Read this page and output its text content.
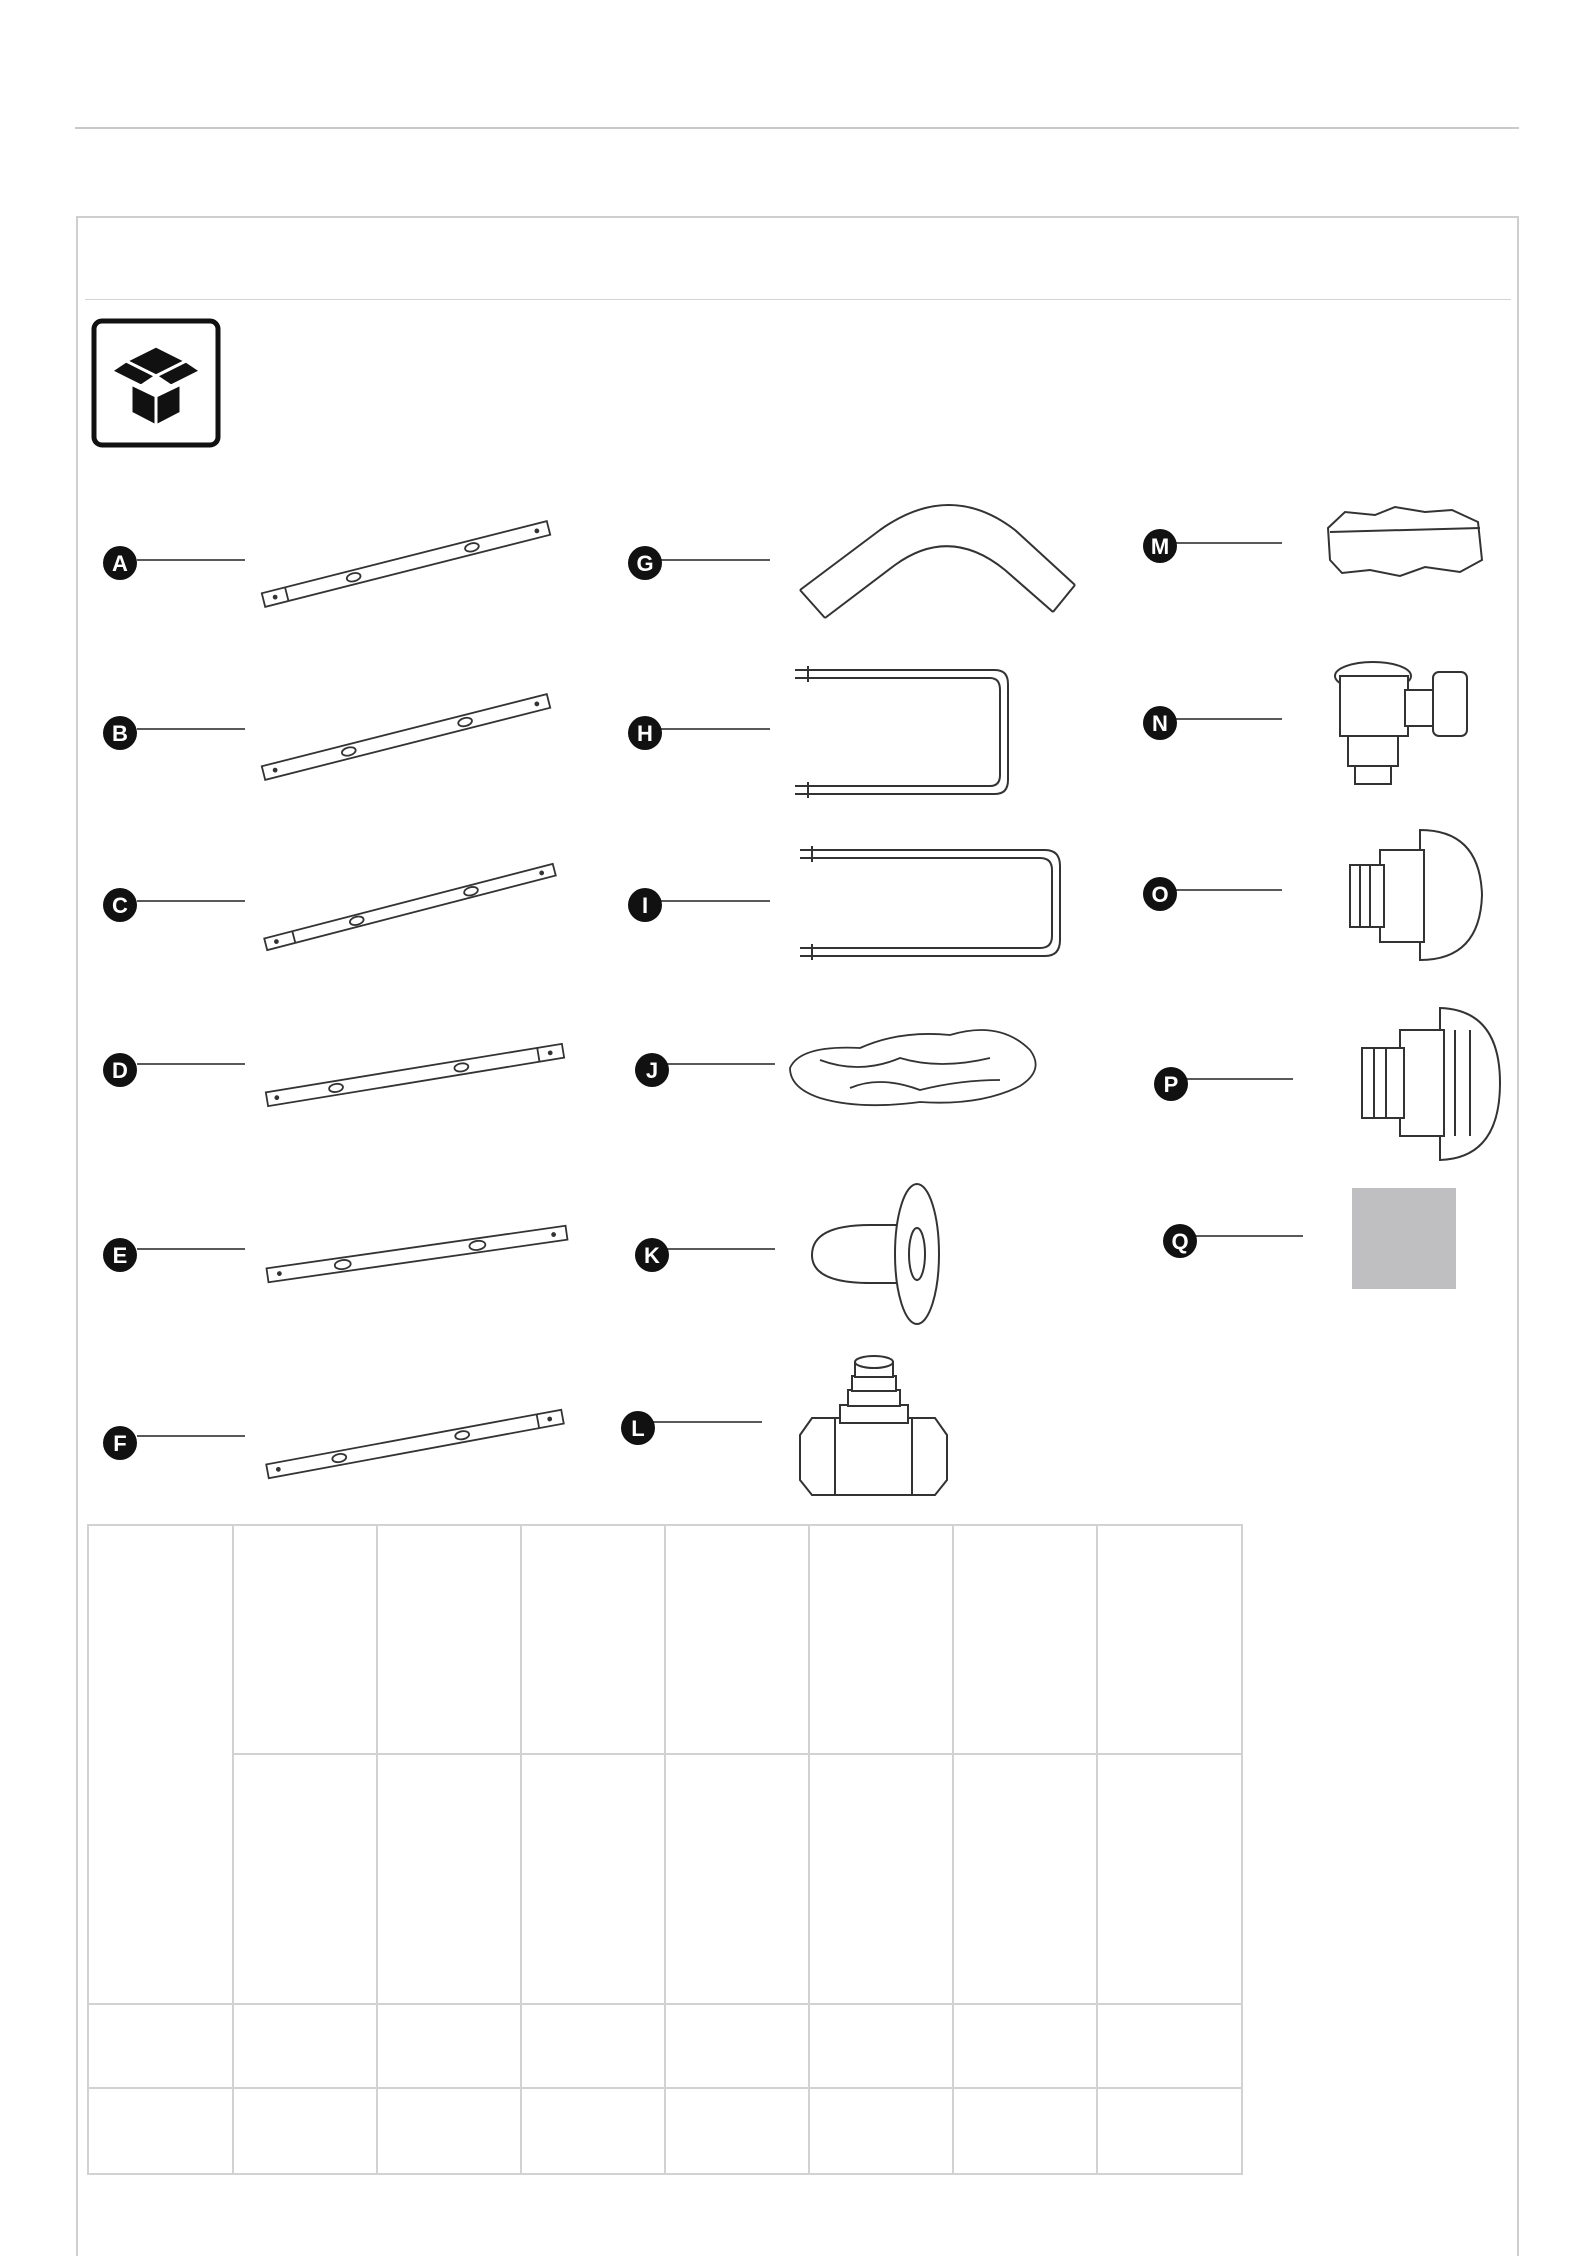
A
B
C
D
E
F
G
H
I
J
K
L
M
N
O
P
Q
